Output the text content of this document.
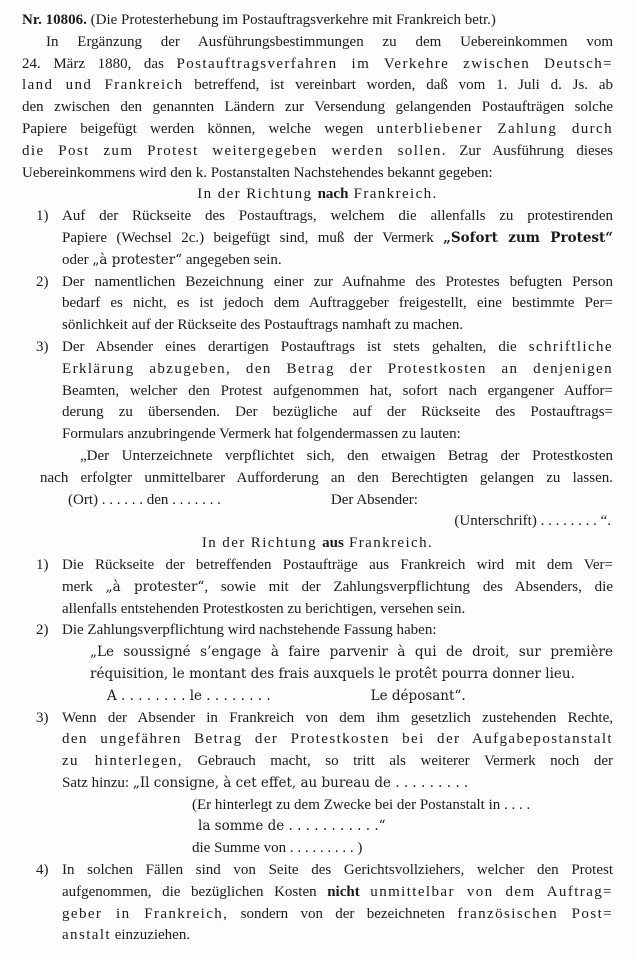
Nr. 10806. (Die Protesterhebung im Postauftragsverkehre mit Frankreich betr.)
In Ergänzung der Ausführungsbestimmungen zu dem Uebereinkommen vom
24. März 1880, das Postauftragsverfahren im Verkehre zwischen Deutsch=
land und Frankreich betreffend, ist vereinbart worden, daß vom 1. Juli d. Js. ab
den zwischen den genannten Ländern zur Versendung gelangenden Postaufträgen solche
Papiere beigefügt werden können, welche wegen unterbliebener Zahlung durch
die Post zum Protest weitergegeben werden sollen. Zur Ausführung dieses
Uebereinkommens wird den k. Postanstalten Nachstehendes bekannt gegeben:
In der Richtung nach Frankreich.
1) Auf der Rückseite des Postauftrags, welchem die allenfalls zu protestirenden
Papiere (Wechsel 2c.) beigefügt sind, muß der Vermerk „Sofort zum Protest“
oder „à protester“ angegeben sein.
2) Der namentlichen Bezeichnung einer zur Aufnahme des Protestes befugten Person
bedarf es nicht, es ist jedoch dem Auftraggeber freigestellt, eine bestimmte Per=
sönlichkeit auf der Rückseite des Postauftrags namhaft zu machen.
3) Der Absender eines derartigen Postauftrags ist stets gehalten, die schriftliche
Erklärung abzugeben, den Betrag der Protestkosten an denjenigen
Beamten, welcher den Protest aufgenommen hat, sofort nach ergangener Auffor=
derung zu übersenden. Der bezügliche auf der Rückseite des Postauftrags=
Formulars anzubringende Vermerk hat folgendermassen zu lauten:
„Der Unterzeichnete verpflichtet sich, den etwaigen Betrag der Protestkosten
nach erfolgter unmittelbarer Aufforderung an den Berechtigten gelangen zu lassen.
(Ort) . . . . . . den . . . . . . .	Der Absender:
(Unterschrift) . . . . . . . . “.
In der Richtung aus Frankreich.
1) Die Rückseite der betreffenden Postaufträge aus Frankreich wird mit dem Ver=
merk „à protester“, sowie mit der Zahlungsverpflichtung des Absenders, die
allenfalls entstehenden Protestkosten zu berichtigen, versehen sein.
2) Die Zahlungsverpflichtung wird nachstehende Fassung haben:
„Le soussigné s’engage à faire parvenir à qui de droit, sur première
réquisition, le montant des frais auxquels le protêt pourra donner lieu.
A . . . . . . . . le . . . . . . . .	Le déposant“.
3) Wenn der Absender in Frankreich von dem ihm gesetzlich zustehenden Rechte,
den ungefähren Betrag der Protestkosten bei der Aufgabepostanstalt
zu hinterlegen, Gebrauch macht, so tritt als weiterer Vermerk noch der
Satz hinzu: „Il consigne, à cet effet, au bureau de . . . . . . . . .
(Er hinterlegt zu dem Zwecke bei der Postanstalt in . . . .
la somme de . . . . . . . . . . .“
die Summe von . . . . . . . . . )
4) In solchen Fällen sind von Seite des Gerichtsvollziehers, welcher den Protest
aufgenommen, die bezüglichen Kosten nicht unmittelbar von dem Auftrag=
geber in Frankreich, sondern von der bezeichneten französischen Post=
anstalt einzuziehen.
